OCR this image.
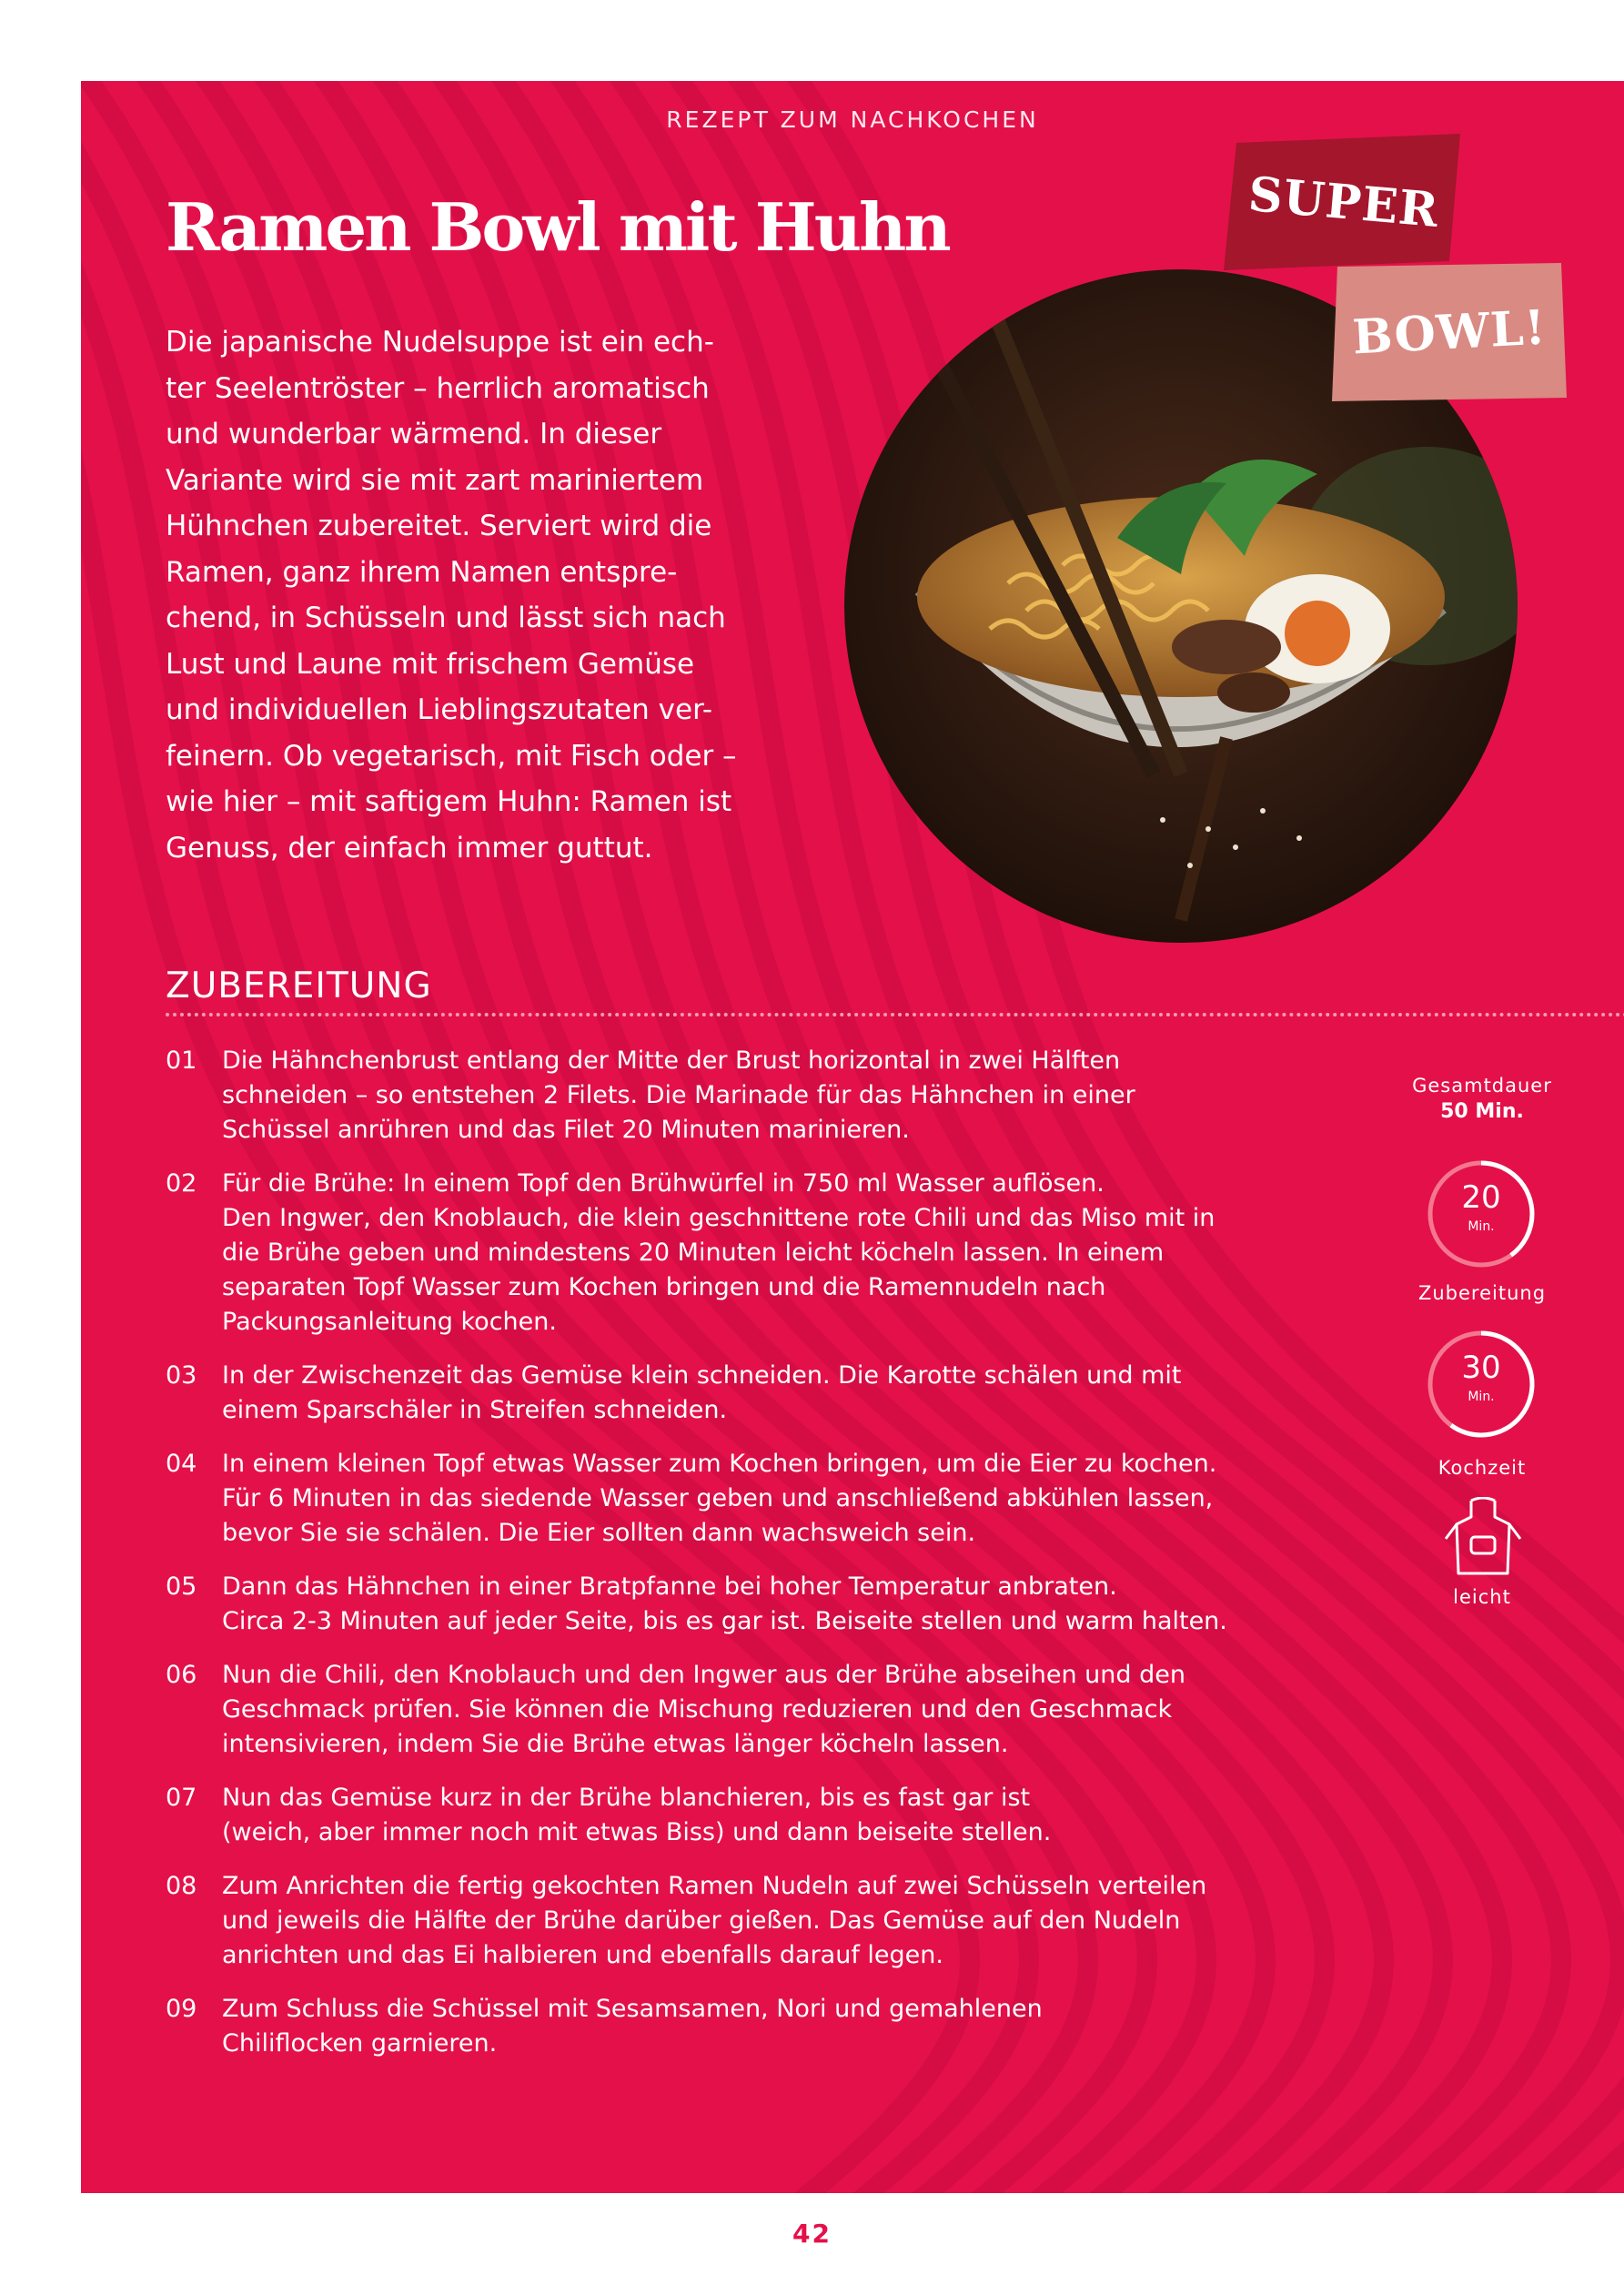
REZEPT ZUM NACHKOCHEN
Ramen Bowl mit Huhn

Die japanische Nudelsuppe ist ein ech-
ter Seelentröster – herrlich aromatisch
und wunderbar wärmend. In dieser
Variante wird sie mit zart mariniertem
Hühnchen zubereitet. Serviert wird die
Ramen, ganz ihrem Namen entspre-
chend, in Schüsseln und lässt sich nach
Lust und Laune mit frischem Gemüse
und individuellen Lieblingszutaten ver-
feinern. Ob vegetarisch, mit Fisch oder –
wie hier – mit saftigem Huhn: Ramen ist
Genuss, der einfach immer guttut.

SUPER
BOWL!
ZUBEREITUNG
01	Die Hähnchenbrust entlang der Mitte der Brust horizontal in zwei Hälften
schneiden – so entstehen 2 Filets. Die Marinade für das Hähnchen in einer
Schüssel anrühren und das Filet 20 Minuten marinieren.
02	Für die Brühe: In einem Topf den Brühwürfel in 750 ml Wasser auflösen.
Den Ingwer, den Knoblauch, die klein geschnittene rote Chili und das Miso mit in
die Brühe geben und mindestens 20 Minuten leicht köcheln lassen. In einem
separaten Topf Wasser zum Kochen bringen und die Ramennudeln nach
Packungsanleitung kochen.
03	In der Zwischenzeit das Gemüse klein schneiden. Die Karotte schälen und mit
einem Sparschäler in Streifen schneiden.
04	In einem kleinen Topf etwas Wasser zum Kochen bringen, um die Eier zu kochen.
Für 6 Minuten in das siedende Wasser geben und anschließend abkühlen lassen,
bevor Sie sie schälen. Die Eier sollten dann wachsweich sein.
05	Dann das Hähnchen in einer Bratpfanne bei hoher Temperatur anbraten.
Circa 2-3 Minuten auf jeder Seite, bis es gar ist. Beiseite stellen und warm halten.
06	Nun die Chili, den Knoblauch und den Ingwer aus der Brühe abseihen und den
Geschmack prüfen. Sie können die Mischung reduzieren und den Geschmack
intensivieren, indem Sie die Brühe etwas länger köcheln lassen.
07	Nun das Gemüse kurz in der Brühe blanchieren, bis es fast gar ist
(weich, aber immer noch mit etwas Biss) und dann beiseite stellen.
08	Zum Anrichten die fertig gekochten Ramen Nudeln auf zwei Schüsseln verteilen
und jeweils die Hälfte der Brühe darüber gießen. Das Gemüse auf den Nudeln
anrichten und das Ei halbieren und ebenfalls darauf legen.
09	Zum Schluss die Schüssel mit Sesamsamen, Nori und gemahlenen
Chiliflocken garnieren.
Gesamtdauer
50 Min.
20
Min.
Zubereitung
30
Min.
Kochzeit
leicht
42
